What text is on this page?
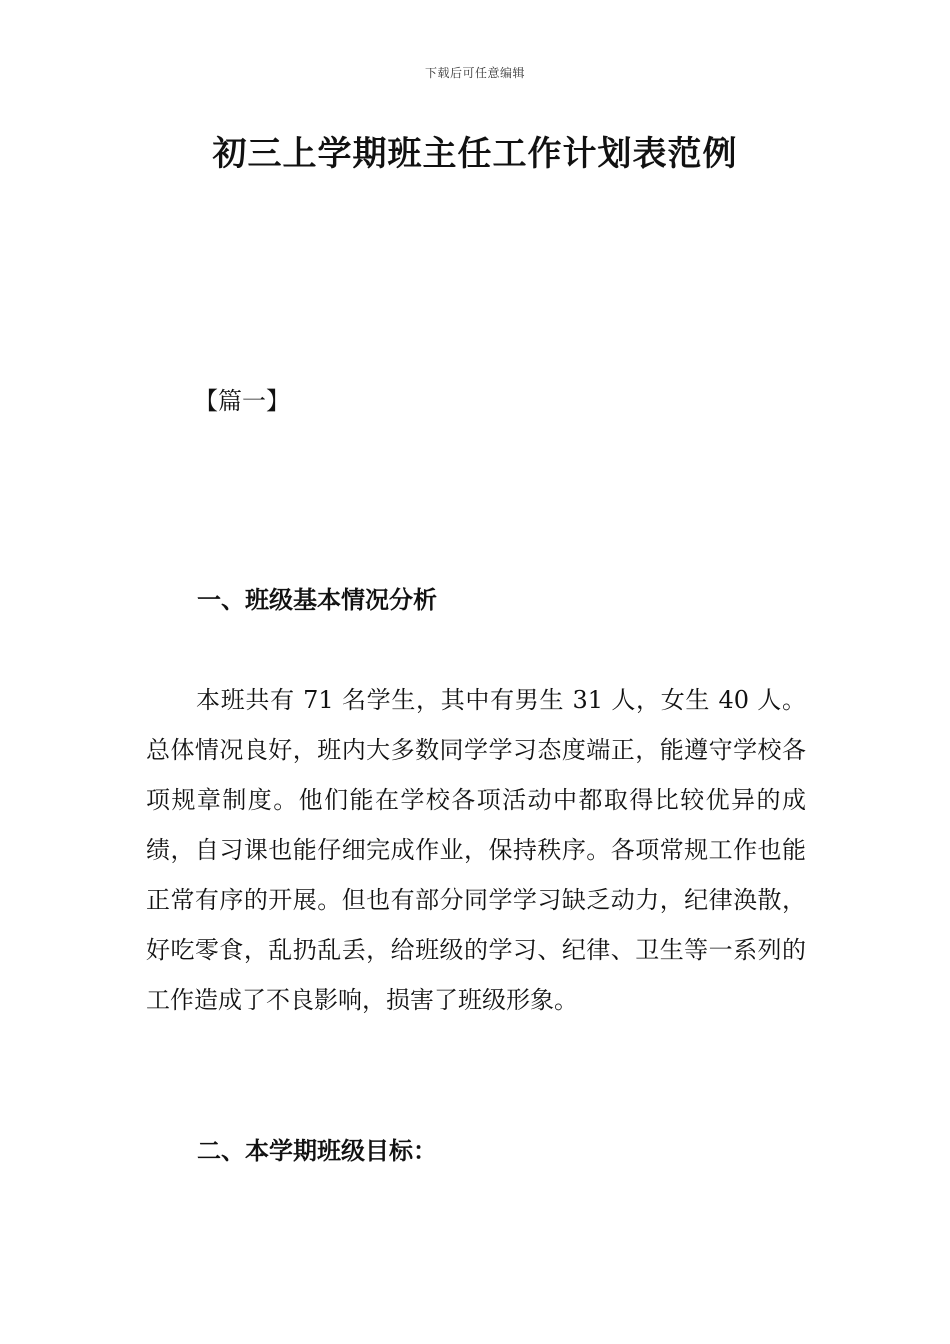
下载后可任意编辑
初三上学期班主任工作计划表范例

【篇一】

一、班级基本情况分析

本班共有 71 名学生，其中有男生 31 人，女生 40 人。总体情况良好，班内大多数同学学习态度端正，能遵守学校各项规章制度。他们能在学校各项活动中都取得比较优异的成绩，自习课也能仔细完成作业，保持秩序。各项常规工作也能正常有序的开展。但也有部分同学学习缺乏动力，纪律涣散，好吃零食，乱扔乱丢，给班级的学习、纪律、卫生等一系列的工作造成了不良影响，损害了班级形象。

二、本学期班级目标：
